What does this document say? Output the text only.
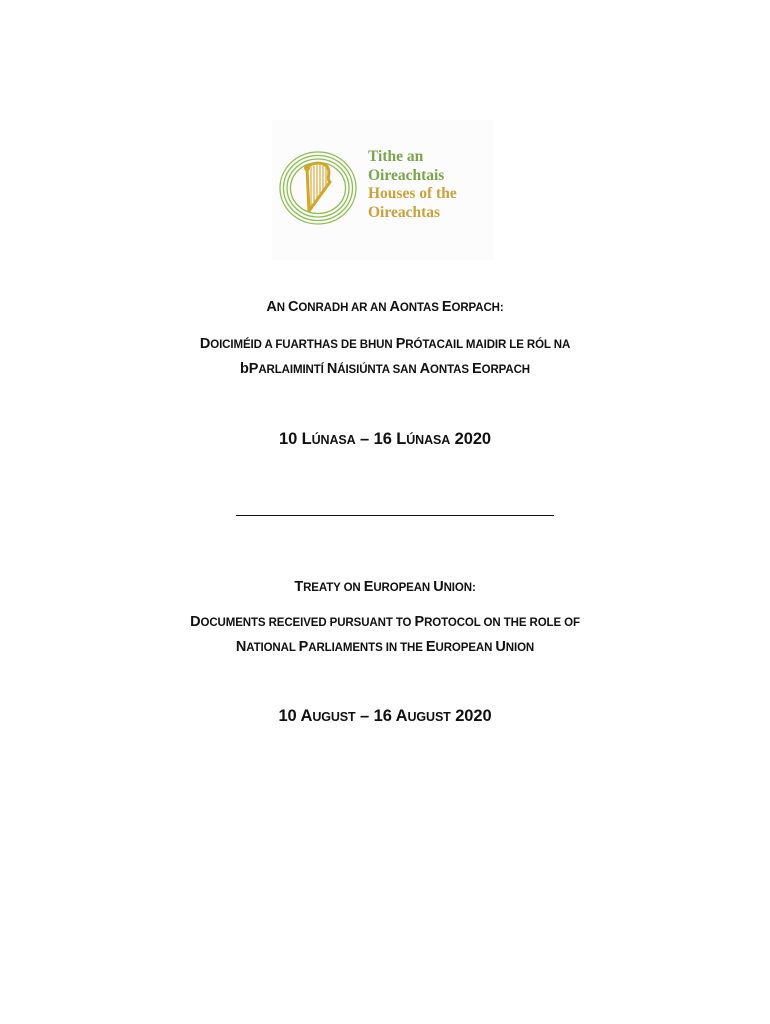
Tithe an
Oireachtais
Houses of the
Oireachtas
AN CONRADH AR AN AONTAS EORPACH:
DOICIMÉID A FUARTHAS DE BHUN PRÓTACAIL MAIDIR LE RÓL NA
bPARLAIMINTÍ NÁISIÚNTA SAN AONTAS EORPACH
10 LÚNASA – 16 LÚNASA 2020
TREATY ON EUROPEAN UNION:
DOCUMENTS RECEIVED PURSUANT TO PROTOCOL ON THE ROLE OF
NATIONAL PARLIAMENTS IN THE EUROPEAN UNION
10 AUGUST – 16 AUGUST 2020
